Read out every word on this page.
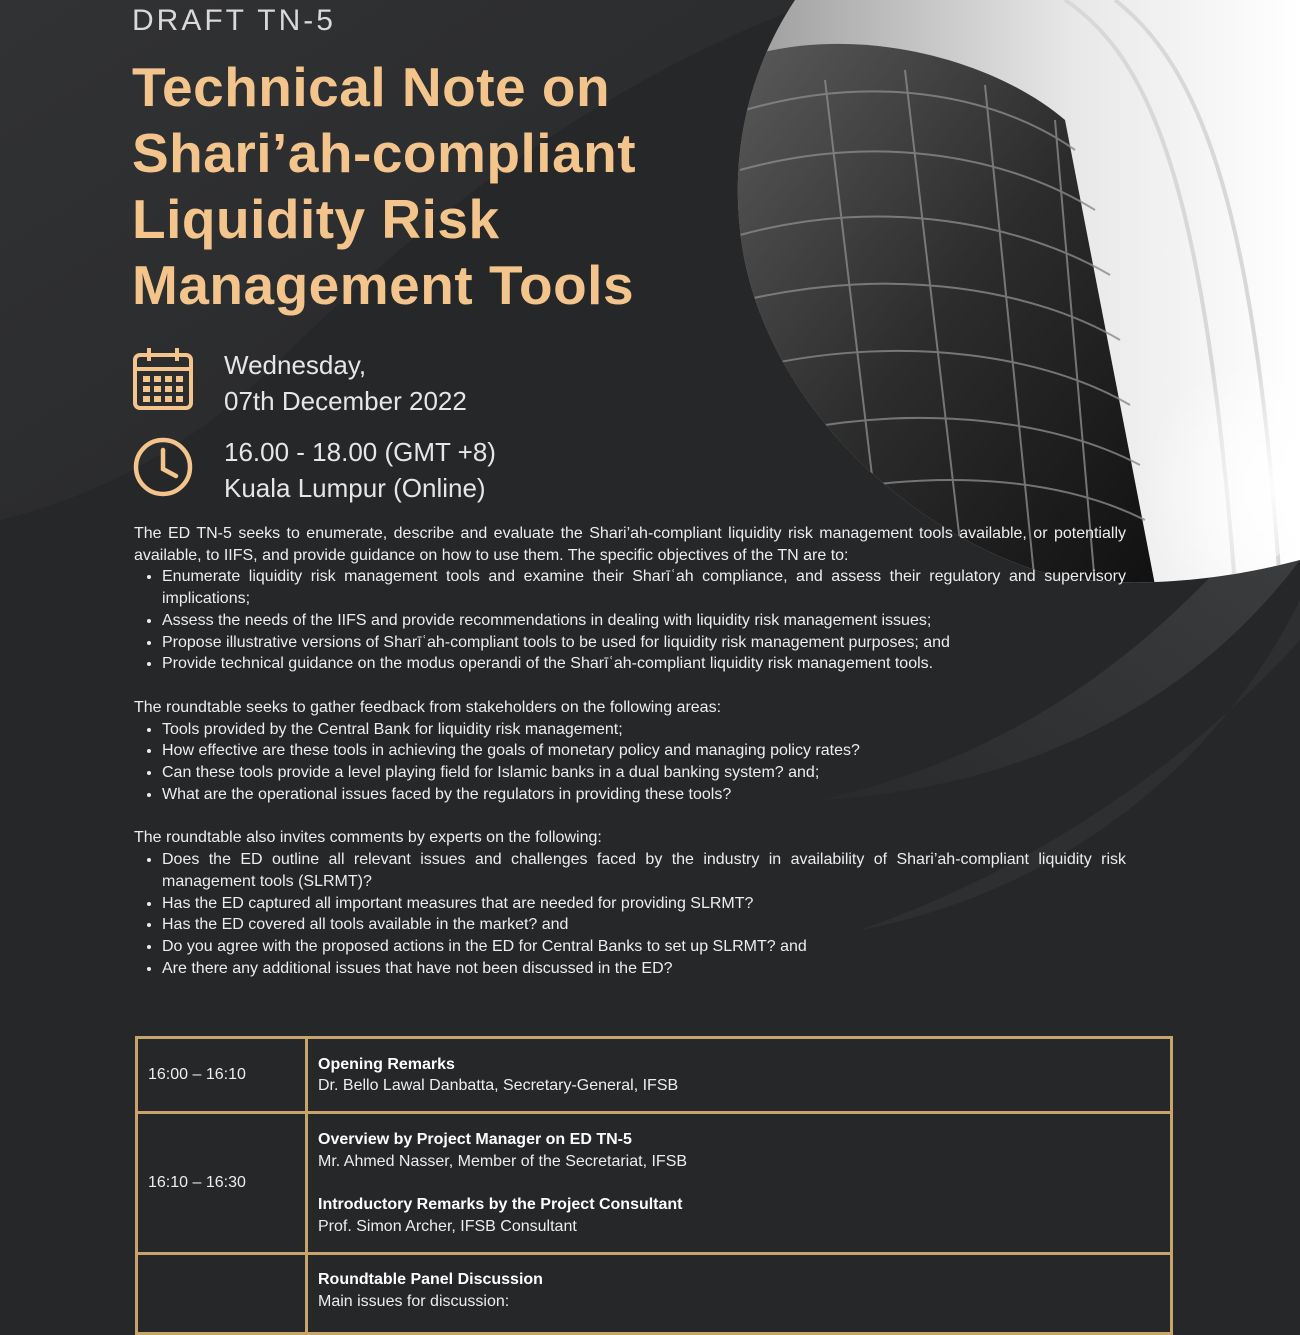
DRAFT TN-5
Technical Note on
Shari’ah-compliant
Liquidity Risk
Management Tools
Wednesday,
07th December 2022
16.00 - 18.00 (GMT +8)
Kuala Lumpur (Online)

The ED TN-5 seeks to enumerate, describe and evaluate the Shari’ah-compliant liquidity risk management tools available, or potentially available, to IIFS, and provide guidance on how to use them. The specific objectives of the TN are to:

• Enumerate liquidity risk management tools and examine their Sharīʿah compliance, and assess their regulatory and supervisory implications;
• Assess the needs of the IIFS and provide recommendations in dealing with liquidity risk management issues;
• Propose illustrative versions of Sharīʿah-compliant tools to be used for liquidity risk management purposes; and
• Provide technical guidance on the modus operandi of the Sharīʿah-compliant liquidity risk management tools.

The roundtable seeks to gather feedback from stakeholders on the following areas:

• Tools provided by the Central Bank for liquidity risk management;
• How effective are these tools in achieving the goals of monetary policy and managing policy rates?
• Can these tools provide a level playing field for Islamic banks in a dual banking system? and;
• What are the operational issues faced by the regulators in providing these tools?

The roundtable also invites comments by experts on the following:

• Does the ED outline all relevant issues and challenges faced by the industry in availability of Shari’ah-compliant liquidity risk management tools (SLRMT)?
• Has the ED captured all important measures that are needed for providing SLRMT?
• Has the ED covered all tools available in the market? and
• Do you agree with the proposed actions in the ED for Central Banks to set up SLRMT? and
• Are there any additional issues that have not been discussed in the ED?
16:00 – 16:10	Opening Remarks
Dr. Bello Lawal Danbatta, Secretary-General, IFSB

16:10 – 16:30	Overview by Project Manager on ED TN-5
Mr. Ahmed Nasser, Member of the Secretariat, IFSB
Introductory Remarks by the Project Consultant
Prof. Simon Archer, IFSB Consultant

	Roundtable Panel Discussion
Main issues for discussion:
